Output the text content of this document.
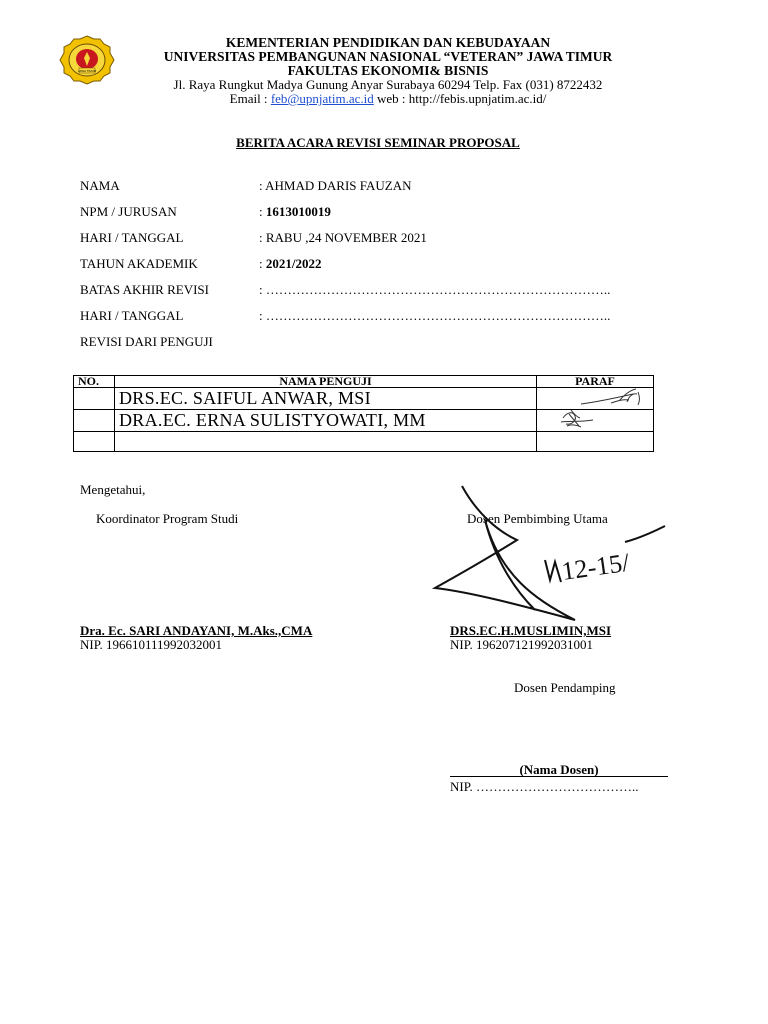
JAWA TIMUR
KEMENTERIAN PENDIDIKAN DAN KEBUDAYAAN
UNIVERSITAS PEMBANGUNAN NASIONAL “VETERAN” JAWA TIMUR
FAKULTAS EKONOMI& BISNIS
Jl. Raya Rungkut Madya Gunung Anyar Surabaya 60294 Telp. Fax (031) 8722432
Email : feb@upnjatim.ac.id web : http://febis.upnjatim.ac.id/
BERITA ACARA REVISI SEMINAR PROPOSAL
NAMA	: AHMAD DARIS FAUZAN
NPM / JURUSAN	: 1613010019
HARI / TANGGAL	: RABU ,24 NOVEMBER 2021
TAHUN AKADEMIK	: 2021/2022
BATAS AKHIR REVISI	: ……………………………………………………………………..
HARI / TANGGAL	: ……………………………………………………………………..
REVISI DARI PENGUJI
NO.	NAMA PENGUJI	PARAF
	DRS.EC. SAIFUL ANWAR, MSI	

	DRA.EC. ERNA SULISTYOWATI, MM	

Mengetahui,
Koordinator Program Studi	Dosen Pembimbing Utama
Dra. Ec. SARI ANDAYANI, M.Aks.,CMA
NIP. 196610111992032001
DRS.EC.H.MUSLIMIN,MSI
NIP. 196207121992031001
12-15/
Dosen Pendamping
(Nama Dosen)
NIP. ………………………………..
